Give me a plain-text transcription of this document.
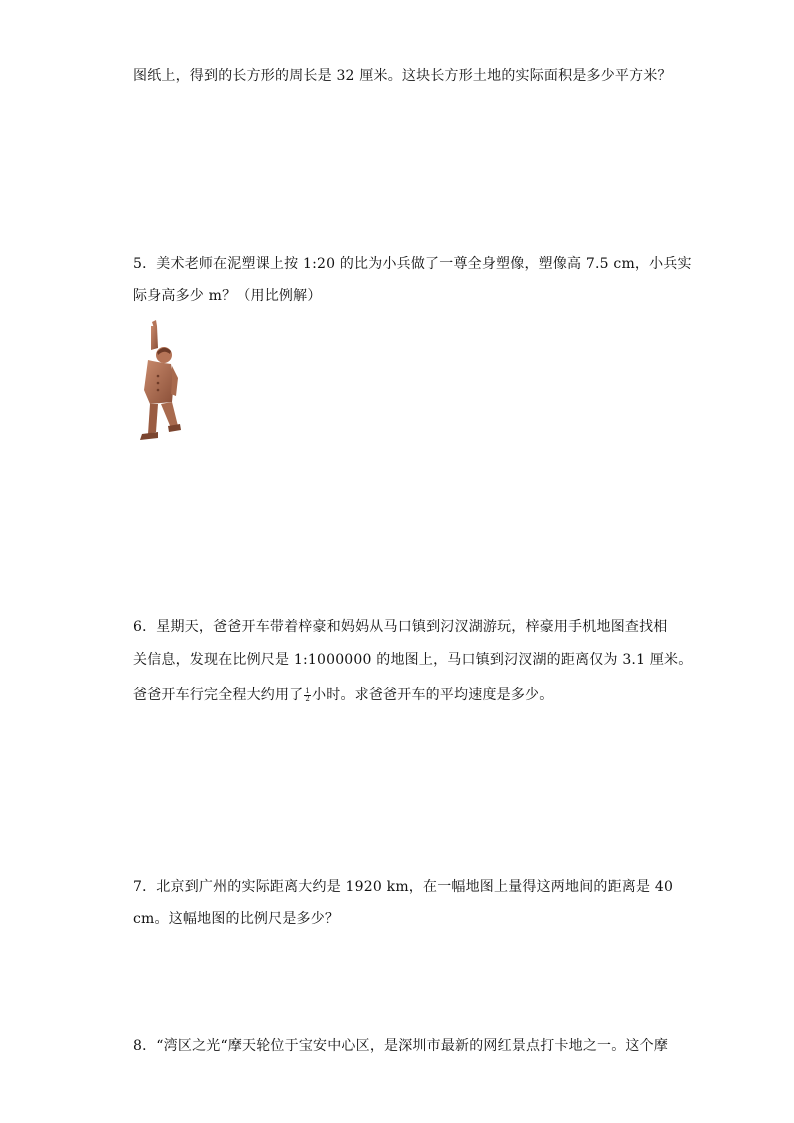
图纸上，得到的长方形的周长是 32 厘米。这块长方形土地的实际面积是多少平方米？
5．美术老师在泥塑课上按 1:20 的比为小兵做了一尊全身塑像，塑像高 7.5 cm，小兵实
际身高多少 m？（用比例解）
6．星期天，爸爸开车带着梓豪和妈妈从马口镇到汈汊湖游玩，梓豪用手机地图查找相
关信息，发现在比例尺是 1:1000000 的地图上，马口镇到汈汊湖的距离仅为 3.1 厘米。
爸爸开车行完全程大约用了 $\frac{1}{2}$ 小时。求爸爸开车的平均速度是多少。
7．北京到广州的实际距离大约是 1920 km，在一幅地图上量得这两地间的距离是 40
cm。这幅地图的比例尺是多少？
8．“湾区之光“摩天轮位于宝安中心区，是深圳市最新的网红景点打卡地之一。这个摩
